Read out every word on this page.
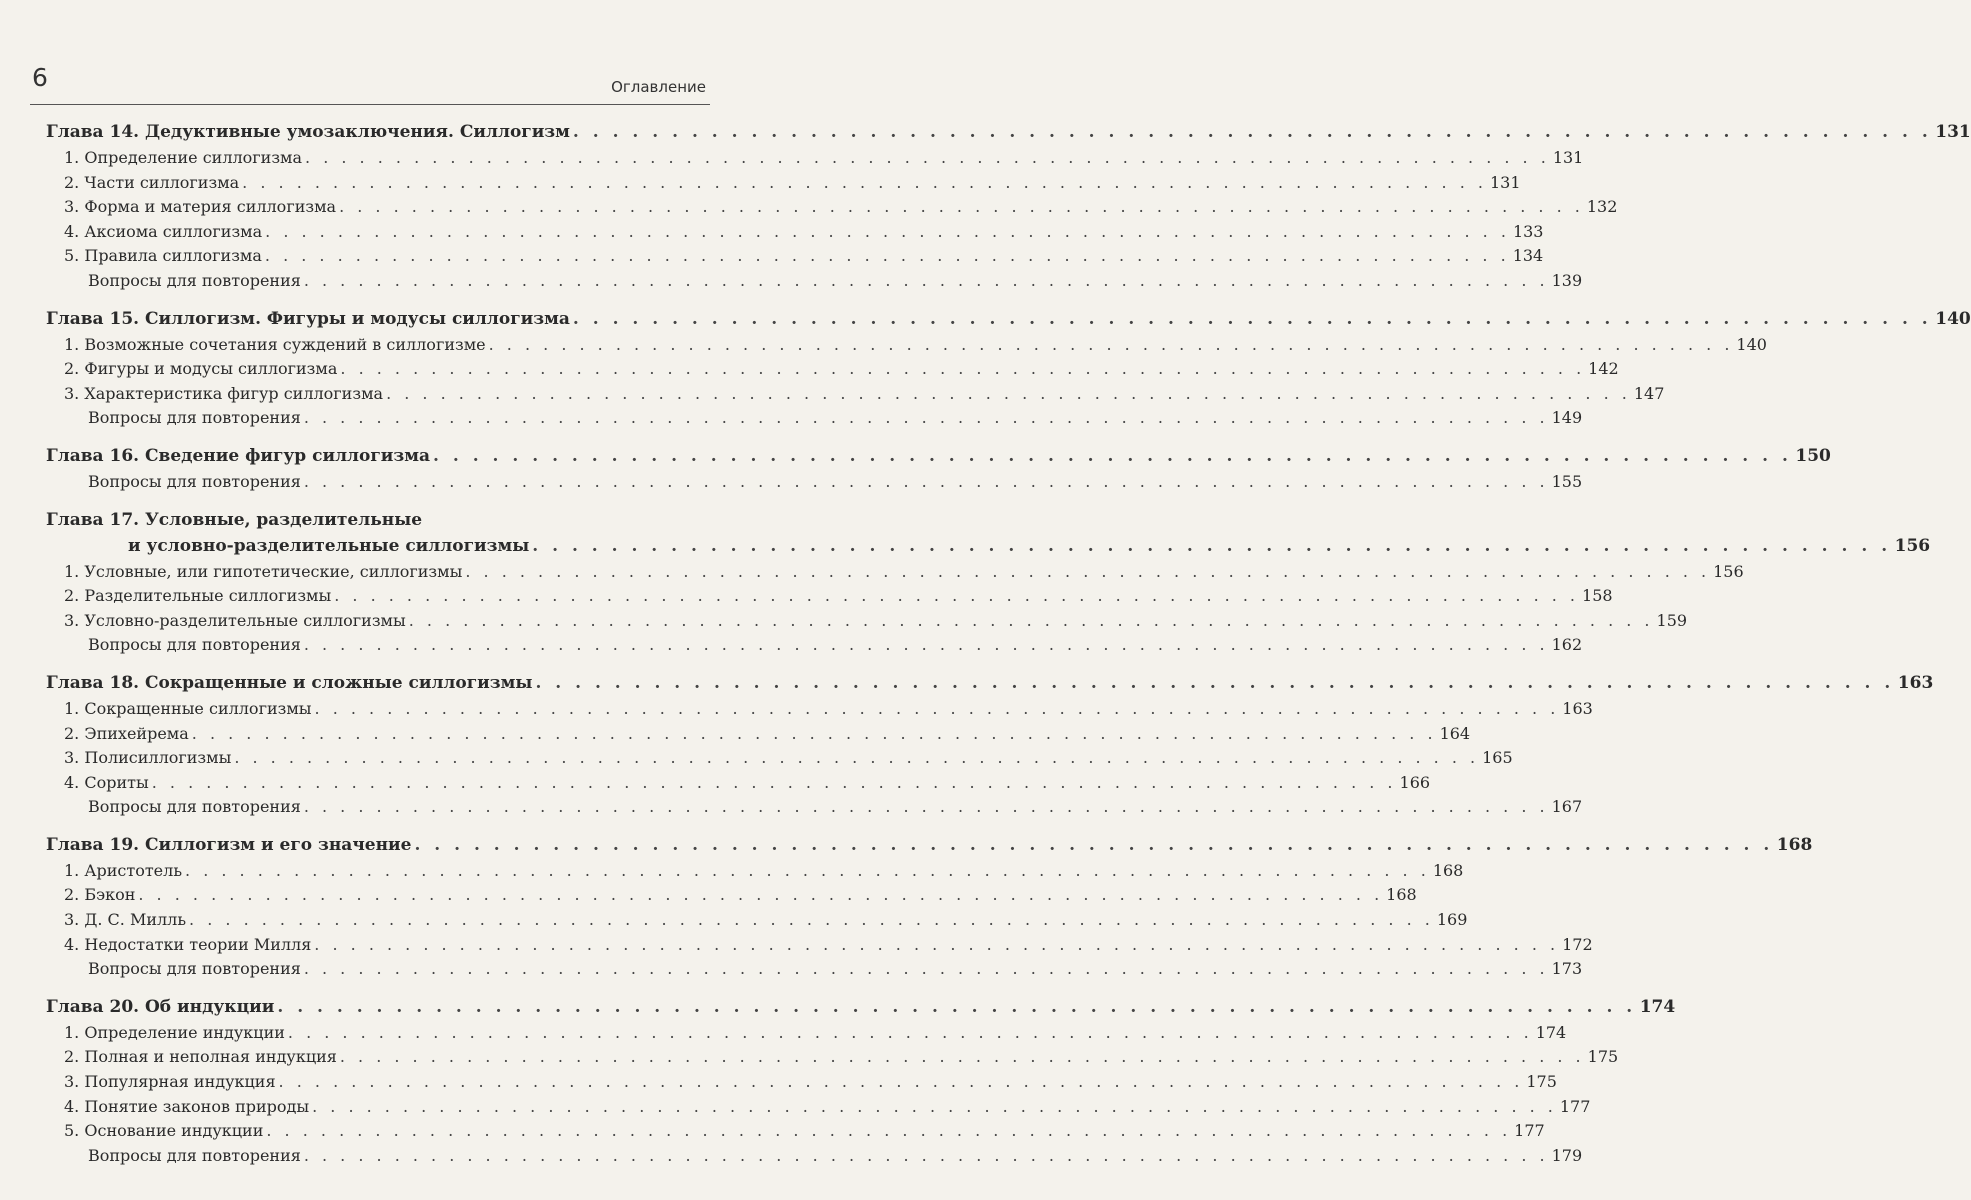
6	Оглавление
Глава 14. Дедуктивные умозаключения. Силлогизм . . . . . . . . . . . . . . . . . . . . . . . . . . . . . . . . . . . . . . . . . . . . . . . . . . . . . . . . . . . . . . . . . . . . . 131
1. Определение силлогизма . . . . . . . . . . . . . . . . . . . . . . . . . . . . . . . . . . . . . . . . . . . . . . . . . . . . . . . . . . . . . . . . . . . . . 131
2. Части силлогизма . . . . . . . . . . . . . . . . . . . . . . . . . . . . . . . . . . . . . . . . . . . . . . . . . . . . . . . . . . . . . . . . . . . . . 131
3. Форма и материя силлогизма . . . . . . . . . . . . . . . . . . . . . . . . . . . . . . . . . . . . . . . . . . . . . . . . . . . . . . . . . . . . . . . . . . . . . 132
4. Аксиома силлогизма . . . . . . . . . . . . . . . . . . . . . . . . . . . . . . . . . . . . . . . . . . . . . . . . . . . . . . . . . . . . . . . . . . . . . 133
5. Правила силлогизма . . . . . . . . . . . . . . . . . . . . . . . . . . . . . . . . . . . . . . . . . . . . . . . . . . . . . . . . . . . . . . . . . . . . . 134
Вопросы для повторения . . . . . . . . . . . . . . . . . . . . . . . . . . . . . . . . . . . . . . . . . . . . . . . . . . . . . . . . . . . . . . . . . . . . . 139
Глава 15. Силлогизм. Фигуры и модусы силлогизма . . . . . . . . . . . . . . . . . . . . . . . . . . . . . . . . . . . . . . . . . . . . . . . . . . . . . . . . . . . . . . . . . . . . . 140
1. Возможные сочетания суждений в силлогизме . . . . . . . . . . . . . . . . . . . . . . . . . . . . . . . . . . . . . . . . . . . . . . . . . . . . . . . . . . . . . . . . . . . . . 140
2. Фигуры и модусы силлогизма . . . . . . . . . . . . . . . . . . . . . . . . . . . . . . . . . . . . . . . . . . . . . . . . . . . . . . . . . . . . . . . . . . . . . 142
3. Характеристика фигур силлогизма . . . . . . . . . . . . . . . . . . . . . . . . . . . . . . . . . . . . . . . . . . . . . . . . . . . . . . . . . . . . . . . . . . . . . 147
Вопросы для повторения . . . . . . . . . . . . . . . . . . . . . . . . . . . . . . . . . . . . . . . . . . . . . . . . . . . . . . . . . . . . . . . . . . . . . 149
Глава 16. Сведение фигур силлогизма . . . . . . . . . . . . . . . . . . . . . . . . . . . . . . . . . . . . . . . . . . . . . . . . . . . . . . . . . . . . . . . . . . . . . 150
Вопросы для повторения . . . . . . . . . . . . . . . . . . . . . . . . . . . . . . . . . . . . . . . . . . . . . . . . . . . . . . . . . . . . . . . . . . . . . 155
Глава 17. Условные, разделительные
и условно-разделительные силлогизмы . . . . . . . . . . . . . . . . . . . . . . . . . . . . . . . . . . . . . . . . . . . . . . . . . . . . . . . . . . . . . . . . . . . . . 156
1. Условные, или гипотетические, силлогизмы . . . . . . . . . . . . . . . . . . . . . . . . . . . . . . . . . . . . . . . . . . . . . . . . . . . . . . . . . . . . . . . . . . . . . 156
2. Разделительные силлогизмы . . . . . . . . . . . . . . . . . . . . . . . . . . . . . . . . . . . . . . . . . . . . . . . . . . . . . . . . . . . . . . . . . . . . . 158
3. Условно-разделительные силлогизмы . . . . . . . . . . . . . . . . . . . . . . . . . . . . . . . . . . . . . . . . . . . . . . . . . . . . . . . . . . . . . . . . . . . . . 159
Вопросы для повторения . . . . . . . . . . . . . . . . . . . . . . . . . . . . . . . . . . . . . . . . . . . . . . . . . . . . . . . . . . . . . . . . . . . . . 162
Глава 18. Сокращенные и сложные силлогизмы . . . . . . . . . . . . . . . . . . . . . . . . . . . . . . . . . . . . . . . . . . . . . . . . . . . . . . . . . . . . . . . . . . . . . 163
1. Сокращенные силлогизмы . . . . . . . . . . . . . . . . . . . . . . . . . . . . . . . . . . . . . . . . . . . . . . . . . . . . . . . . . . . . . . . . . . . . . 163
2. Эпихейрема . . . . . . . . . . . . . . . . . . . . . . . . . . . . . . . . . . . . . . . . . . . . . . . . . . . . . . . . . . . . . . . . . . . . . 164
3. Полисиллогизмы . . . . . . . . . . . . . . . . . . . . . . . . . . . . . . . . . . . . . . . . . . . . . . . . . . . . . . . . . . . . . . . . . . . . . 165
4. Сориты . . . . . . . . . . . . . . . . . . . . . . . . . . . . . . . . . . . . . . . . . . . . . . . . . . . . . . . . . . . . . . . . . . . . . 166
Вопросы для повторения . . . . . . . . . . . . . . . . . . . . . . . . . . . . . . . . . . . . . . . . . . . . . . . . . . . . . . . . . . . . . . . . . . . . . 167
Глава 19. Силлогизм и его значение . . . . . . . . . . . . . . . . . . . . . . . . . . . . . . . . . . . . . . . . . . . . . . . . . . . . . . . . . . . . . . . . . . . . . 168
1. Аристотель . . . . . . . . . . . . . . . . . . . . . . . . . . . . . . . . . . . . . . . . . . . . . . . . . . . . . . . . . . . . . . . . . . . . . 168
2. Бэкон . . . . . . . . . . . . . . . . . . . . . . . . . . . . . . . . . . . . . . . . . . . . . . . . . . . . . . . . . . . . . . . . . . . . . 168
3. Д. С. Милль . . . . . . . . . . . . . . . . . . . . . . . . . . . . . . . . . . . . . . . . . . . . . . . . . . . . . . . . . . . . . . . . . . . . . 169
4. Недостатки теории Милля . . . . . . . . . . . . . . . . . . . . . . . . . . . . . . . . . . . . . . . . . . . . . . . . . . . . . . . . . . . . . . . . . . . . . 172
Вопросы для повторения . . . . . . . . . . . . . . . . . . . . . . . . . . . . . . . . . . . . . . . . . . . . . . . . . . . . . . . . . . . . . . . . . . . . . 173
Глава 20. Об индукции . . . . . . . . . . . . . . . . . . . . . . . . . . . . . . . . . . . . . . . . . . . . . . . . . . . . . . . . . . . . . . . . . . . . . 174
1. Определение индукции . . . . . . . . . . . . . . . . . . . . . . . . . . . . . . . . . . . . . . . . . . . . . . . . . . . . . . . . . . . . . . . . . . . . . 174
2. Полная и неполная индукция . . . . . . . . . . . . . . . . . . . . . . . . . . . . . . . . . . . . . . . . . . . . . . . . . . . . . . . . . . . . . . . . . . . . . 175
3. Популярная индукция . . . . . . . . . . . . . . . . . . . . . . . . . . . . . . . . . . . . . . . . . . . . . . . . . . . . . . . . . . . . . . . . . . . . . 175
4. Понятие законов природы . . . . . . . . . . . . . . . . . . . . . . . . . . . . . . . . . . . . . . . . . . . . . . . . . . . . . . . . . . . . . . . . . . . . . 177
5. Основание индукции . . . . . . . . . . . . . . . . . . . . . . . . . . . . . . . . . . . . . . . . . . . . . . . . . . . . . . . . . . . . . . . . . . . . . 177
Вопросы для повторения . . . . . . . . . . . . . . . . . . . . . . . . . . . . . . . . . . . . . . . . . . . . . . . . . . . . . . . . . . . . . . . . . . . . . 179
